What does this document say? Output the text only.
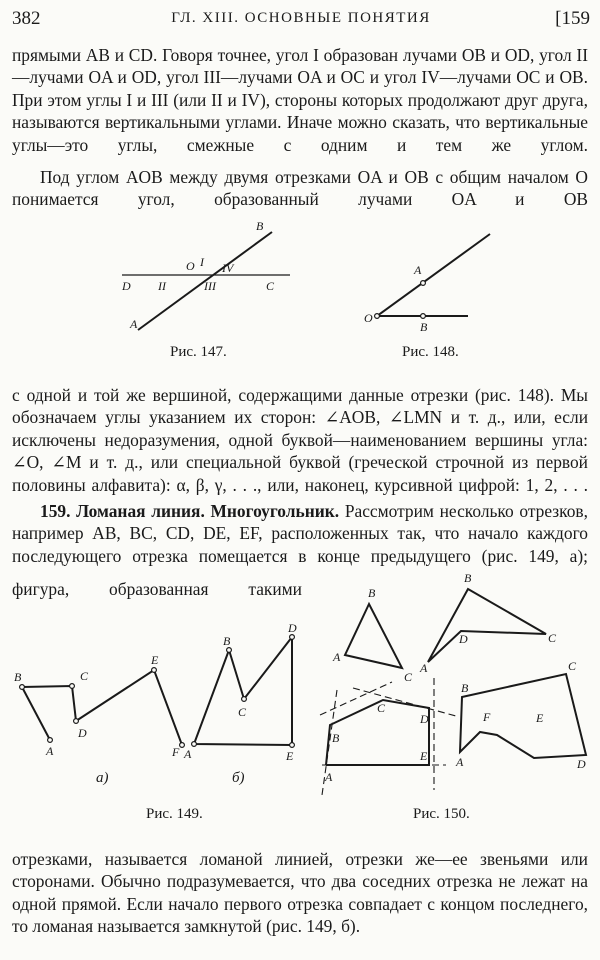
382	ГЛ. XIII. ОСНОВНЫЕ ПОНЯТИЯ	[159

прямыми AB и CD. Говоря точнее, угол I образован лучами OB и OD, угол II—лучами OA и OD, угол III—лучами OA и OC и угол IV—лучами OC и OB. При этом углы I и III (или II и IV), стороны которых продолжают друг друга, называются вертикальными углами. Иначе можно сказать, что вертикальные углы—это углы, смежные с одним и тем же углом.

Под углом AOB между двумя отрезками OA и OB с общим началом O понимается угол, образованный лучами OA и OB

B
O I IV
D II	III	C
A
A
O
B
Рис. 147.	Рис. 148.

с одной и той же вершиной, содержащими данные отрезки (рис. 148). Мы обозначаем углы указанием их сторон: ∠AOB, ∠LMN и т. д., или, если исключены недоразумения, одной буквой—наименованием вершины угла: ∠O, ∠M и т. д., или специальной буквой (греческой строчной из первой половины алфавита): α, β, γ, . . ., или, наконец, курсивной цифрой: 1, 2, . . .

159. Ломаная линия. Многоугольник. Рассмотрим несколько отрезков, например AB, BC, CD, DE, EF, расположенных так, что начало каждого последующего отрезка помещается в конце предыдущего (рис. 149, a);

фигура, образованная такими

B	C
E
D
A	F
B
D
C
A	E
B
A
C
B
D
A
C
C
D
B
E
A
B
C
F	E
D
A
a)	б)
Рис. 149.	Рис. 150.

отрезками, называется ломаной линией, отрезки же—ее звеньями или сторонами. Обычно подразумевается, что два соседних отрезка не лежат на одной прямой. Если начало первого отрезка совпадает с концом последнего, то ломаная называется замкнутой (рис. 149, б).
